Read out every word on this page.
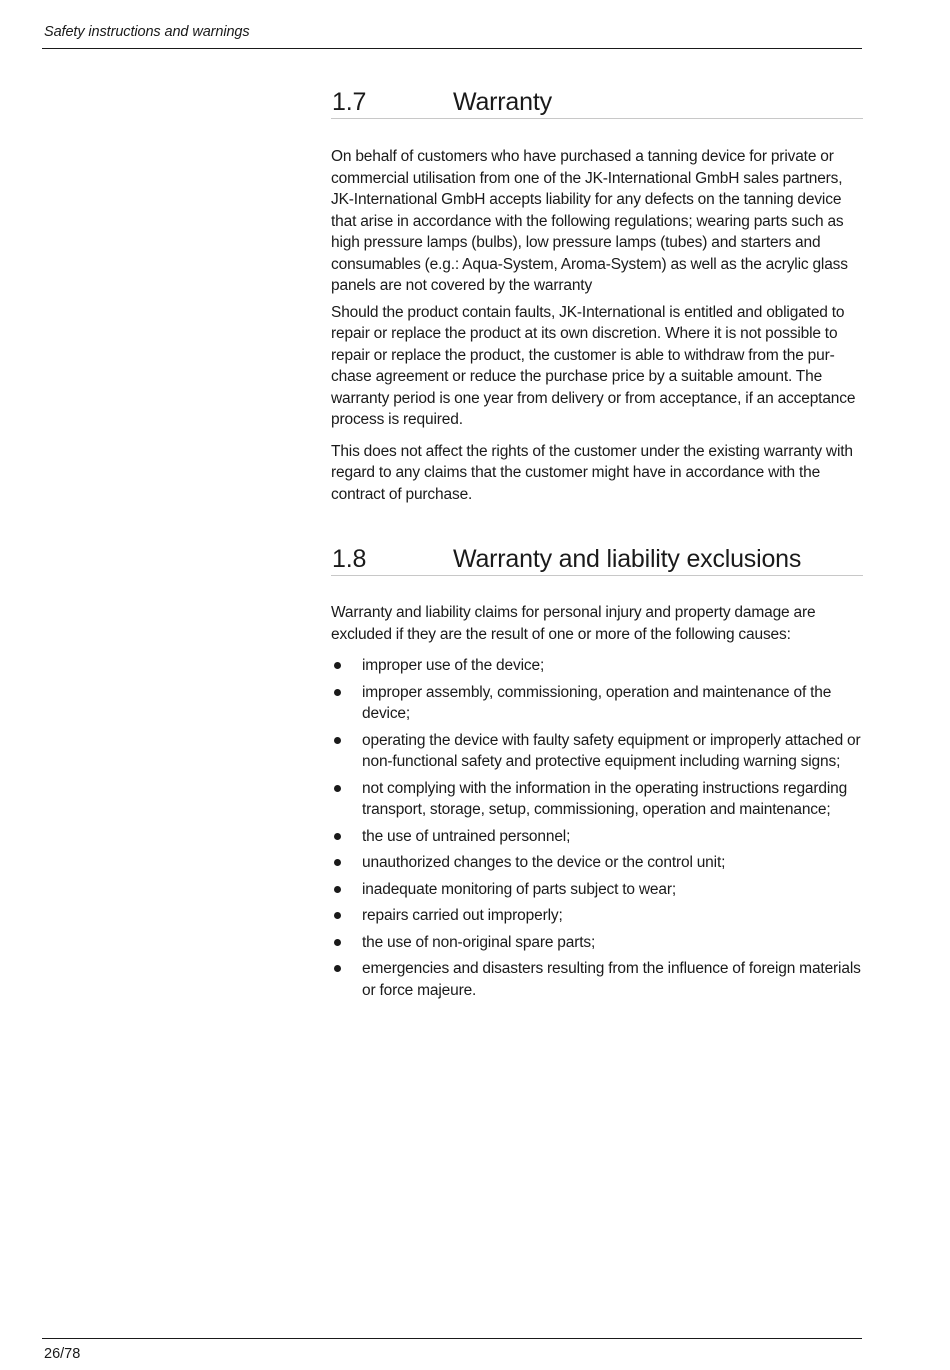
Safety instructions and warnings
1.7	Warranty

On behalf of customers who have purchased a tanning device for private or commercial utilisation from one of the JK-International GmbH sales partners, JK-International GmbH accepts liability for any defects on the tanning device that arise in accordance with the following regulations; wearing parts such as high pressure lamps (bulbs), low pressure lamps (tubes) and starters and consumables (e.g.: Aqua-System, Aroma-System) as well as the acrylic glass panels are not covered by the warranty

Should the product contain faults, JK-International is entitled and obligated to repair or replace the product at its own discretion. Where it is not possible to repair or replace the product, the customer is able to withdraw from the purchase agreement or reduce the purchase price by a suitable amount. The warranty period is one year from delivery or from acceptance, if an acceptance process is required.

This does not affect the rights of the customer under the existing warranty with regard to any claims that the customer might have in accordance with the contract of purchase.

1.8	Warranty and liability exclusions

Warranty and liability claims for personal injury and property damage are excluded if they are the result of one or more of the following causes:

improper use of the device;
improper assembly, commissioning, operation and maintenance of the device;
operating the device with faulty safety equipment or improperly attached or non-functional safety and protective equipment including warning signs;
not complying with the information in the operating instructions regarding transport, storage, setup, commissioning, operation and maintenance;
the use of untrained personnel;
unauthorized changes to the device or the control unit;
inadequate monitoring of parts subject to wear;
repairs carried out improperly;
the use of non-original spare parts;
emergencies and disasters resulting from the influence of foreign materials or force majeure.
26/78
